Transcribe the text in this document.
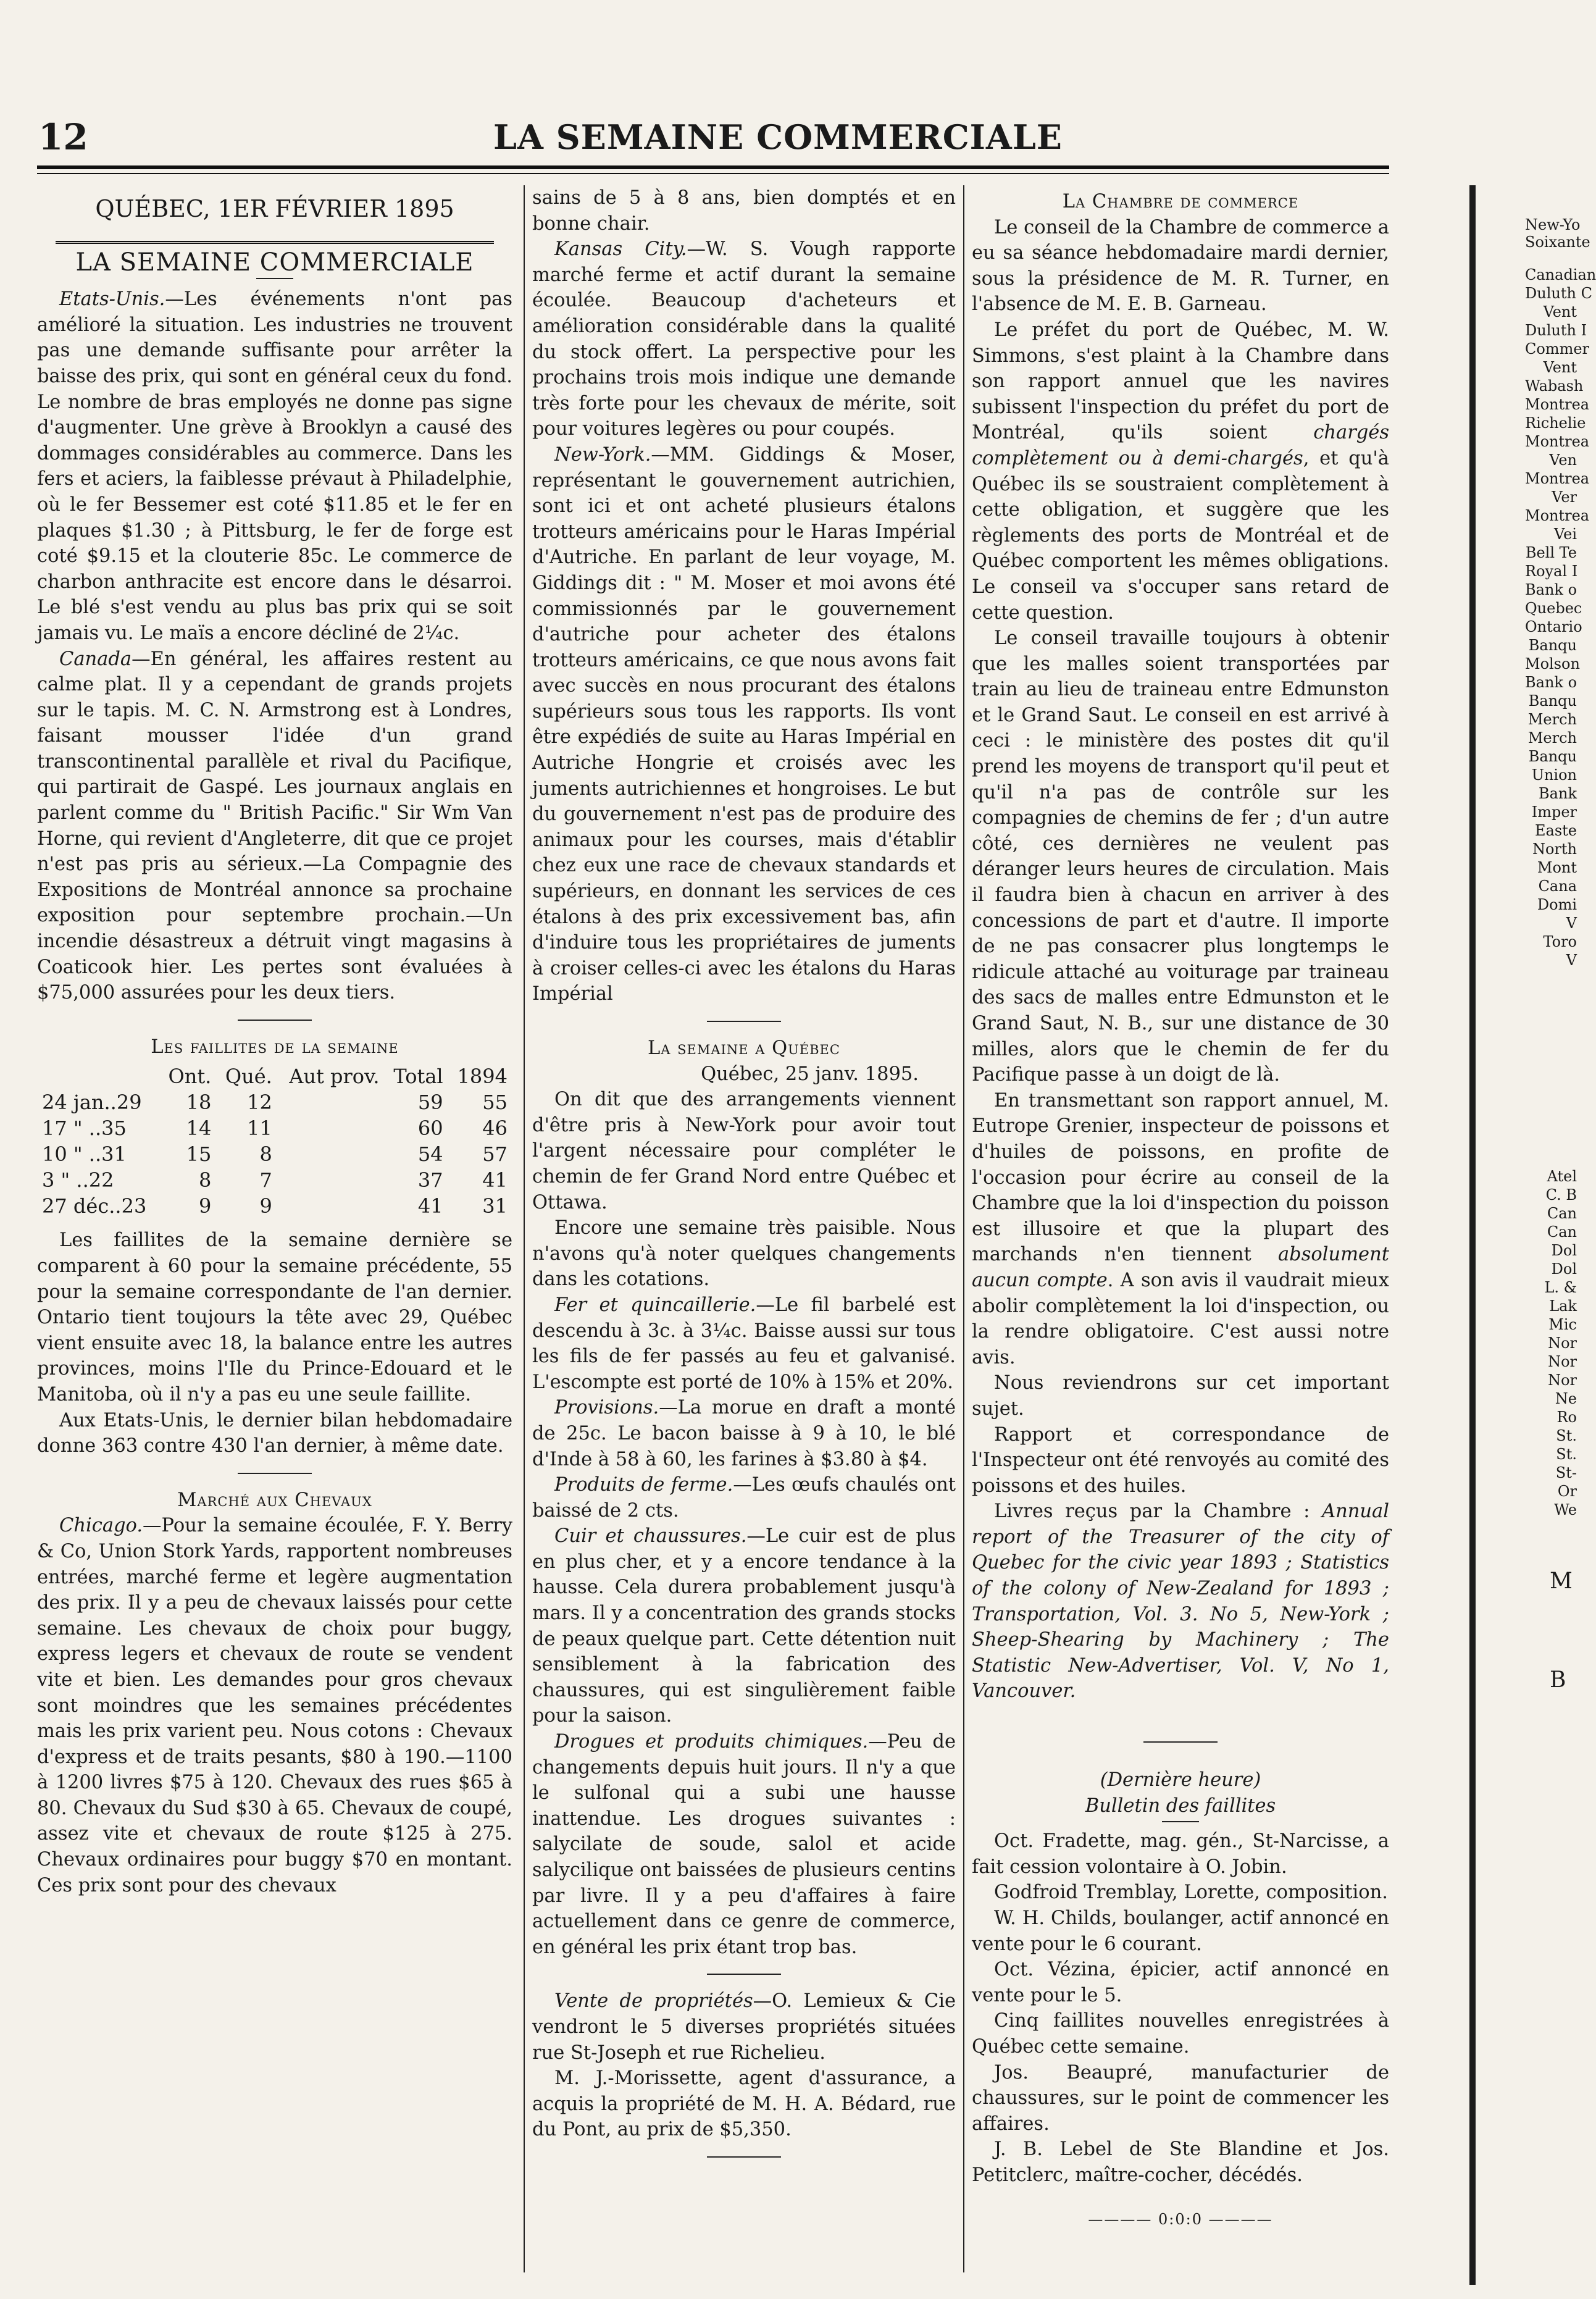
12	LA SEMAINE COMMERCIALE
QUÉBEC, 1ER FÉVRIER 1895
LA SEMAINE COMMERCIALE

Etats-Unis.—Les événements n'ont pas amélioré la situation. Les industries ne trouvent pas une demande suffisante pour arrêter la baisse des prix, qui sont en général ceux du fond. Le nombre de bras employés ne donne pas signe d'augmenter. Une grève à Brooklyn a causé des dommages considérables au commerce. Dans les fers et aciers, la faiblesse prévaut à Philadelphie, où le fer Bessemer est coté $11.85 et le fer en plaques $1.30 ; à Pittsburg, le fer de forge est coté $9.15 et la clouterie 85c. Le commerce de charbon anthracite est encore dans le désarroi. Le blé s'est vendu au plus bas prix qui se soit jamais vu. Le maïs a encore décliné de 2¼c.

Canada—En général, les affaires restent au calme plat. Il y a cependant de grands projets sur le tapis. M. C. N. Armstrong est à Londres, faisant mousser l'idée d'un grand transcontinental parallèle et rival du Pacifique, qui partirait de Gaspé. Les journaux anglais en parlent comme du " British Pacific." Sir Wm Van Horne, qui revient d'Angleterre, dit que ce projet n'est pas pris au sérieux.—La Compagnie des Expositions de Montréal annonce sa prochaine exposition pour septembre prochain.—Un incendie désastreux a détruit vingt magasins à Coaticook hier. Les pertes sont évaluées à $75,000 assurées pour les deux tiers.

Les faillites de la semaine
	Ont.	Qué.	Aut prov.	Total	1894
24 jan..29	18	12		59	55
17 " ..35	14	11		60	46
10 " ..31	15	8		54	57
3 " ..22	8	7		37	41
27 déc..23	9	9		41	31

Les faillites de la semaine dernière se comparent à 60 pour la semaine précédente, 55 pour la semaine correspondante de l'an dernier. Ontario tient toujours la tête avec 29, Québec vient ensuite avec 18, la balance entre les autres provinces, moins l'Ile du Prince-Edouard et le Manitoba, où il n'y a pas eu une seule faillite.

Aux Etats-Unis, le dernier bilan hebdomadaire donne 363 contre 430 l'an dernier, à même date.

Marché aux Chevaux

Chicago.—Pour la semaine écoulée, F. Y. Berry & Co, Union Stork Yards, rapportent nombreuses entrées, marché ferme et legère augmentation des prix. Il y a peu de chevaux laissés pour cette semaine. Les chevaux de choix pour buggy, express legers et chevaux de route se vendent vite et bien. Les demandes pour gros chevaux sont moindres que les semaines précédentes mais les prix varient peu. Nous cotons : Chevaux d'express et de traits pesants, $80 à 190.—1100 à 1200 livres $75 à 120. Chevaux des rues $65 à 80. Chevaux du Sud $30 à 65. Chevaux de coupé, assez vite et chevaux de route $125 à 275. Chevaux ordinaires pour buggy $70 en montant. Ces prix sont pour des chevaux

sains de 5 à 8 ans, bien domptés et en bonne chair.

Kansas City.—W. S. Vough rapporte marché ferme et actif durant la semaine écoulée. Beaucoup d'acheteurs et amélioration considérable dans la qualité du stock offert. La perspective pour les prochains trois mois indique une demande très forte pour les chevaux de mérite, soit pour voitures legères ou pour coupés.

New-York.—MM. Giddings & Moser, représentant le gouvernement autrichien, sont ici et ont acheté plusieurs étalons trotteurs américains pour le Haras Impérial d'Autriche. En parlant de leur voyage, M. Giddings dit : " M. Moser et moi avons été commissionnés par le gouvernement d'autriche pour acheter des étalons trotteurs américains, ce que nous avons fait avec succès en nous procurant des étalons supérieurs sous tous les rapports. Ils vont être expédiés de suite au Haras Impérial en Autriche Hongrie et croisés avec les juments autrichiennes et hongroises. Le but du gouvernement n'est pas de produire des animaux pour les courses, mais d'établir chez eux une race de chevaux standards et supérieurs, en donnant les services de ces étalons à des prix excessivement bas, afin d'induire tous les propriétaires de juments à croiser celles-ci avec les étalons du Haras Impérial

La semaine a Québec

Québec, 25 janv. 1895.

On dit que des arrangements viennent d'être pris à New-York pour avoir tout l'argent nécessaire pour compléter le chemin de fer Grand Nord entre Québec et Ottawa.

Encore une semaine très paisible. Nous n'avons qu'à noter quelques changements dans les cotations.

Fer et quincaillerie.—Le fil barbelé est descendu à 3c. à 3¼c. Baisse aussi sur tous les fils de fer passés au feu et galvanisé. L'escompte est porté de 10% à 15% et 20%.

Provisions.—La morue en draft a monté de 25c. Le bacon baisse à 9 à 10, le blé d'Inde à 58 à 60, les farines à $3.80 à $4.

Produits de ferme.—Les œufs chaulés ont baissé de 2 cts.

Cuir et chaussures.—Le cuir est de plus en plus cher, et y a encore tendance à la hausse. Cela durera probablement jusqu'à mars. Il y a concentration des grands stocks de peaux quelque part. Cette détention nuit sensiblement à la fabrication des chaussures, qui est singulièrement faible pour la saison.

Drogues et produits chimiques.—Peu de changements depuis huit jours. Il n'y a que le sulfonal qui a subi une hausse inattendue. Les drogues suivantes : salycilate de soude, salol et acide salycilique ont baissées de plusieurs centins par livre. Il y a peu d'affaires à faire actuellement dans ce genre de commerce, en général les prix étant trop bas.

Vente de propriétés—O. Lemieux & Cie vendront le 5 diverses propriétés situées rue St-Joseph et rue Richelieu.

M. J.-Morissette, agent d'assurance, a acquis la propriété de M. H. A. Bédard, rue du Pont, au prix de $5,350.

La Chambre de commerce

Le conseil de la Chambre de commerce a eu sa séance hebdomadaire mardi dernier, sous la présidence de M. R. Turner, en l'absence de M. E. B. Garneau.

Le préfet du port de Québec, M. W. Simmons, s'est plaint à la Chambre dans son rapport annuel que les navires subissent l'inspection du préfet du port de Montréal, qu'ils soient chargés complètement ou à demi-chargés, et qu'à Québec ils se soustraient complètement à cette obligation, et suggère que les règlements des ports de Montréal et de Québec comportent les mêmes obligations. Le conseil va s'occuper sans retard de cette question.

Le conseil travaille toujours à obtenir que les malles soient transportées par train au lieu de traineau entre Edmunston et le Grand Saut. Le conseil en est arrivé à ceci : le ministère des postes dit qu'il prend les moyens de transport qu'il peut et qu'il n'a pas de contrôle sur les compagnies de chemins de fer ; d'un autre côté, ces dernières ne veulent pas déranger leurs heures de circulation. Mais il faudra bien à chacun en arriver à des concessions de part et d'autre. Il importe de ne pas consacrer plus longtemps le ridicule attaché au voiturage par traineau des sacs de malles entre Edmunston et le Grand Saut, N. B., sur une distance de 30 milles, alors que le chemin de fer du Pacifique passe à un doigt de là.

En transmettant son rapport annuel, M. Eutrope Grenier, inspecteur de poissons et d'huiles de poissons, en profite de l'occasion pour écrire au conseil de la Chambre que la loi d'inspection du poisson est illusoire et que la plupart des marchands n'en tiennent absolument aucun compte. A son avis il vaudrait mieux abolir complètement la loi d'inspection, ou la rendre obligatoire. C'est aussi notre avis.

Nous reviendrons sur cet important sujet.

Rapport et correspondance de l'Inspecteur ont été renvoyés au comité des poissons et des huiles.

Livres reçus par la Chambre : Annual report of the Treasurer of the city of Quebec for the civic year 1893 ; Statistics of the colony of New-Zealand for 1893 ; Transportation, Vol. 3. No 5, New-York ; Sheep-Shearing by Machinery ; The Statistic New-Advertiser, Vol. V, No 1, Vancouver.

(Dernière heure)

Bulletin des faillites

Oct. Fradette, mag. gén., St-Narcisse, a fait cession volontaire à O. Jobin.

Godfroid Tremblay, Lorette, composition.

W. H. Childs, boulanger, actif annoncé en vente pour le 6 courant.

Oct. Vézina, épicier, actif annoncé en vente pour le 5.

Cinq faillites nouvelles enregistrées à Québec cette semaine.

Jos. Beaupré, manufacturier de chaussures, sur le point de commencer les affaires.

J. B. Lebel de Ste Blandine et Jos. Petitclerc, maître-cocher, décédés.

———— 0:0:0 ————

New-Yo
Soixante
Canadian
Duluth C
Vent
Duluth I
Commer
Vent
Wabash
Montrea
Richelie
Montrea
Ven
Montrea
Ver
Montrea
Vei
Bell Te
Royal I
Bank o
Quebec
Ontario
Banqu
Molson
Bank o
Banqu
Merch
Merch
Banqu
Union
Bank
Imper
Easte
North
Mont
Cana
Domi
V
Toro
V
Atel
C. B
Can
Can
Dol
Dol
L. &
Lak
Mic
Nor
Nor
Nor
Ne
Ro
St.
St.
St-
Or
We
M
B
